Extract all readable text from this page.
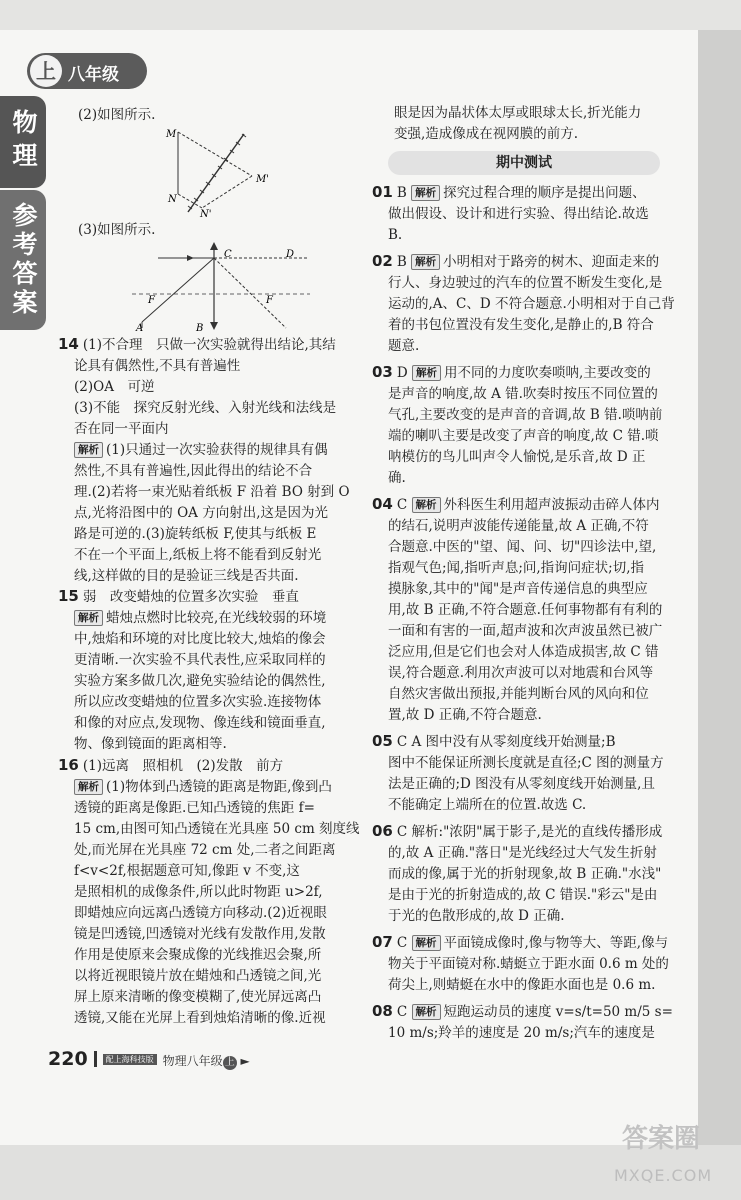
上 八年级
物理
参考答案

(2)如图所示.

M
M'
N
N'

(3)如图所示.

C	D
F	F
A	B

14 (1)不合理　只做一次实验就得出结论,其结

论具有偶然性,不具有普遍性

(2)OA　可逆

(3)不能　探究反射光线、入射光线和法线是

否在同一平面内

解析 (1)只通过一次实验获得的规律具有偶

然性,不具有普遍性,因此得出的结论不合

理.(2)若将一束光贴着纸板 F 沿着 BO 射到 O

点,光将沿图中的 OA 方向射出,这是因为光

路是可逆的.(3)旋转纸板 F,使其与纸板 E

不在一个平面上,纸板上将不能看到反射光

线,这样做的目的是验证三线是否共面.

15 弱　改变蜡烛的位置多次实验　垂直

解析 蜡烛点燃时比较亮,在光线较弱的环境

中,烛焰和环境的对比度比较大,烛焰的像会

更清晰.一次实验不具代表性,应采取同样的

实验方案多做几次,避免实验结论的偶然性,

所以应改变蜡烛的位置多次实验.连接物体

和像的对应点,发现物、像连线和镜面垂直,

物、像到镜面的距离相等.

16 (1)远离　照相机　(2)发散　前方

解析 (1)物体到凸透镜的距离是物距,像到凸

透镜的距离是像距.已知凸透镜的焦距 f=

15 cm,由图可知凸透镜在光具座 50 cm 刻度线

处,而光屏在光具座 72 cm 处,二者之间距离

f<v<2f,根据题意可知,像距 v 不变,这

是照相机的成像条件,所以此时物距 u>2f,

即蜡烛应向远离凸透镜方向移动.(2)近视眼

镜是凹透镜,凹透镜对光线有发散作用,发散

作用是使原来会聚成像的光线推迟会聚,所

以将近视眼镜片放在蜡烛和凸透镜之间,光

屏上原来清晰的像变模糊了,使光屏远离凸

透镜,又能在光屏上看到烛焰清晰的像.近视

眼是因为晶状体太厚或眼球太长,折光能力

变强,造成像成在视网膜的前方.

期中测试

01 B 解析 探究过程合理的顺序是提出问题、

做出假设、设计和进行实验、得出结论.故选

B.

02 B 解析 小明相对于路旁的树木、迎面走来的

行人、身边驶过的汽车的位置不断发生变化,是

运动的,A、C、D 不符合题意.小明相对于自己背

着的书包位置没有发生变化,是静止的,B 符合

题意.

03 D 解析 用不同的力度吹奏唢呐,主要改变的

是声音的响度,故 A 错.吹奏时按压不同位置的

气孔,主要改变的是声音的音调,故 B 错.唢呐前

端的喇叭主要是改变了声音的响度,故 C 错.唢

呐模仿的鸟儿叫声令人愉悦,是乐音,故 D 正

确.

04 C 解析 外科医生利用超声波振动击碎人体内

的结石,说明声波能传递能量,故 A 正确,不符

合题意.中医的"望、闻、问、切"四诊法中,望,

指观气色;闻,指听声息;问,指询问症状;切,指

摸脉象,其中的"闻"是声音传递信息的典型应

用,故 B 正确,不符合题意.任何事物都有有利的

一面和有害的一面,超声波和次声波虽然已被广

泛应用,但是它们也会对人体造成损害,故 C 错

误,符合题意.利用次声波可以对地震和台风等

自然灾害做出预报,并能判断台风的风向和位

置,故 D 正确,不符合题意.

05 C A 图中没有从零刻度线开始测量;B

图中不能保证所测长度就是直径;C 图的测量方

法是正确的;D 图没有从零刻度线开始测量,且

不能确定上端所在的位置.故选 C.

06 C 解析:"浓阴"属于影子,是光的直线传播形成

的,故 A 正确."落日"是光线经过大气发生折射

而成的像,属于光的折射现象,故 B 正确."水浅"

是由于光的折射造成的,故 C 错误."彩云"是由

于光的色散形成的,故 D 正确.

07 C 解析 平面镜成像时,像与物等大、等距,像与

物关于平面镜对称.蜻蜓立于距水面 0.6 m 处的

荷尖上,则蜻蜓在水中的像距水面也是 0.6 m.

08 C 解析 短跑运动员的速度 v=s/t=50 m/5 s=

10 m/s;羚羊的速度是 20 m/s;汽车的速度是

220 配上海科技版 物理八年级 上 ►
答案圈
MXQE.COM
